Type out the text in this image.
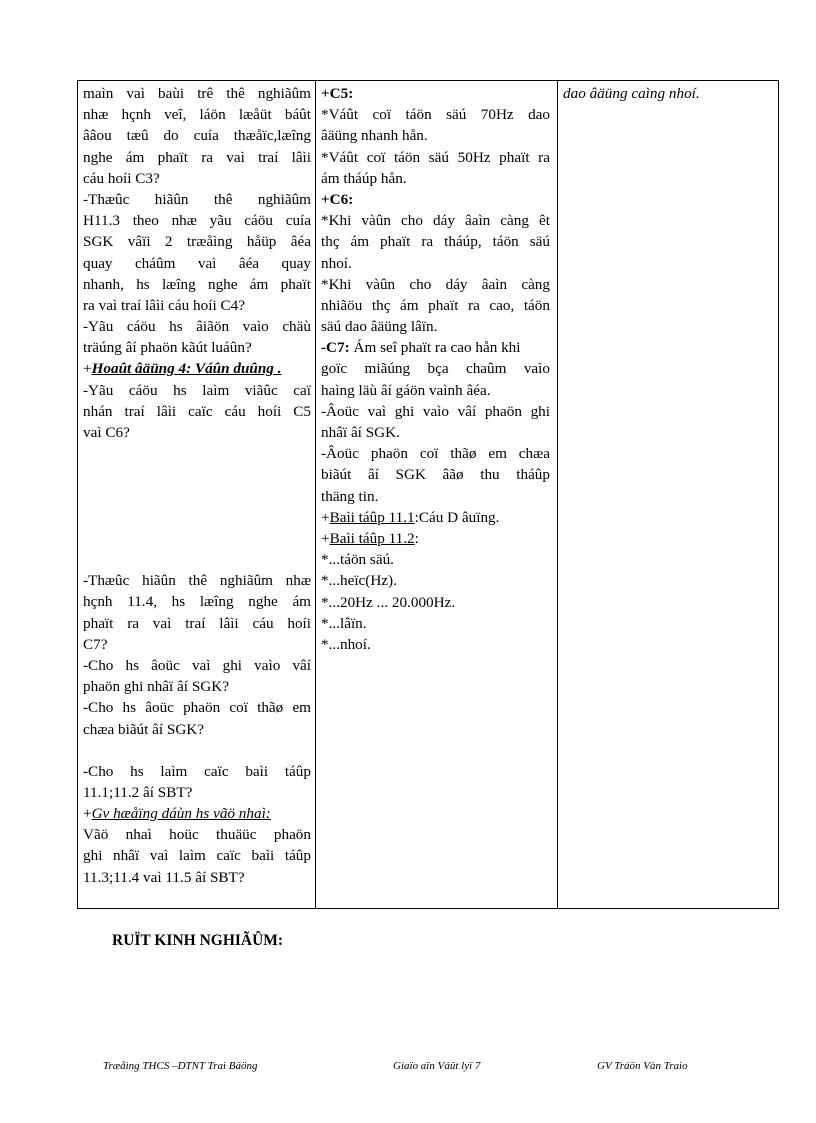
maìn vaì baùi trê thê nghiãûm
nhæ hçnh veî, láön læåüt báût
ââou tæû do cuía thæåïc,læîng
nghe ám phaït ra vaì traí lâìi
cáu hoíi C3?
-Thæûc hiãûn thê nghiãûm
H11.3 theo nhæ yãu cáöu cuía
SGK vâïi 2 træåìng håüp âéa
quay cháûm vaì âéa quay
nhanh, hs læîng nghe ám phaït
ra vaì traí lâìi cáu hoíi C4?
-Yãu cáöu hs âiãön vaìo chäù
träúng âí phaön kãút luáûn?
+Hoaût âäüng 4: Váûn duûng .
-Yãu cáöu hs laìm viãûc caï
nhán traí lâìi caïc cáu hoíi C5
vaì C6?
-Thæûc hiãûn thê nghiãûm nhæ
hçnh 11.4, hs læîng nghe ám
phaït ra vaì traí lâìi cáu hoíi
C7?
-Cho hs âoüc vaì ghi vaìo vâí
phaön ghi nhâï âí SGK?
-Cho hs âoüc phaön coï thãø em
chæa biãút âí SGK?
-Cho hs laìm caïc baìi táûp
11.1;11.2 âí SBT?
+Gv hæåïng dáùn hs vãö nhaì:
Vãö nhaì hoüc thuäüc phaön
ghi nhâï vaì laìm caïc baìi táûp
11.3;11.4 vaì 11.5 âí SBT?
+C5:
*Váût coï táön säú 70Hz dao
âäüng nhanh hån.
*Váût coï táön säú 50Hz phaït ra
ám tháúp hån.
+C6:
*Khi vàûn cho dáy âaìn càng êt
thç ám phaït ra tháúp, táön säú
nhoí.
*Khi vàûn cho dáy âaìn càng
nhiãöu thç ám phaït ra cao, táön
säú dao âäüng lâïn.
-C7: Ám seî phaït ra cao hån khi
goïc miãúng bça chaûm vaìo
haìng läù âí gáön vaình âéa.
-Âoüc vaì ghi vaìo vâí phaön ghi
nhâï âí SGK.
-Âoüc phaön coï thãø em chæa
biãút âí SGK âãø thu tháûp
thäng tin.
+Baìi táûp 11.1:Cáu D âuïng.
+Baìi táûp 11.2:
*...táön säú.
*...heïc(Hz).
*...20Hz ... 20.000Hz.
*...lâïn.
*...nhoí.
dao âäüng caìng nhoí.
RUÏT KINH NGHIÃÛM:
Træåìng THCS –DTNT Traì Bäöng	Giaïo aïn Váût lyï 7	GV Tráön Vàn Traìo
